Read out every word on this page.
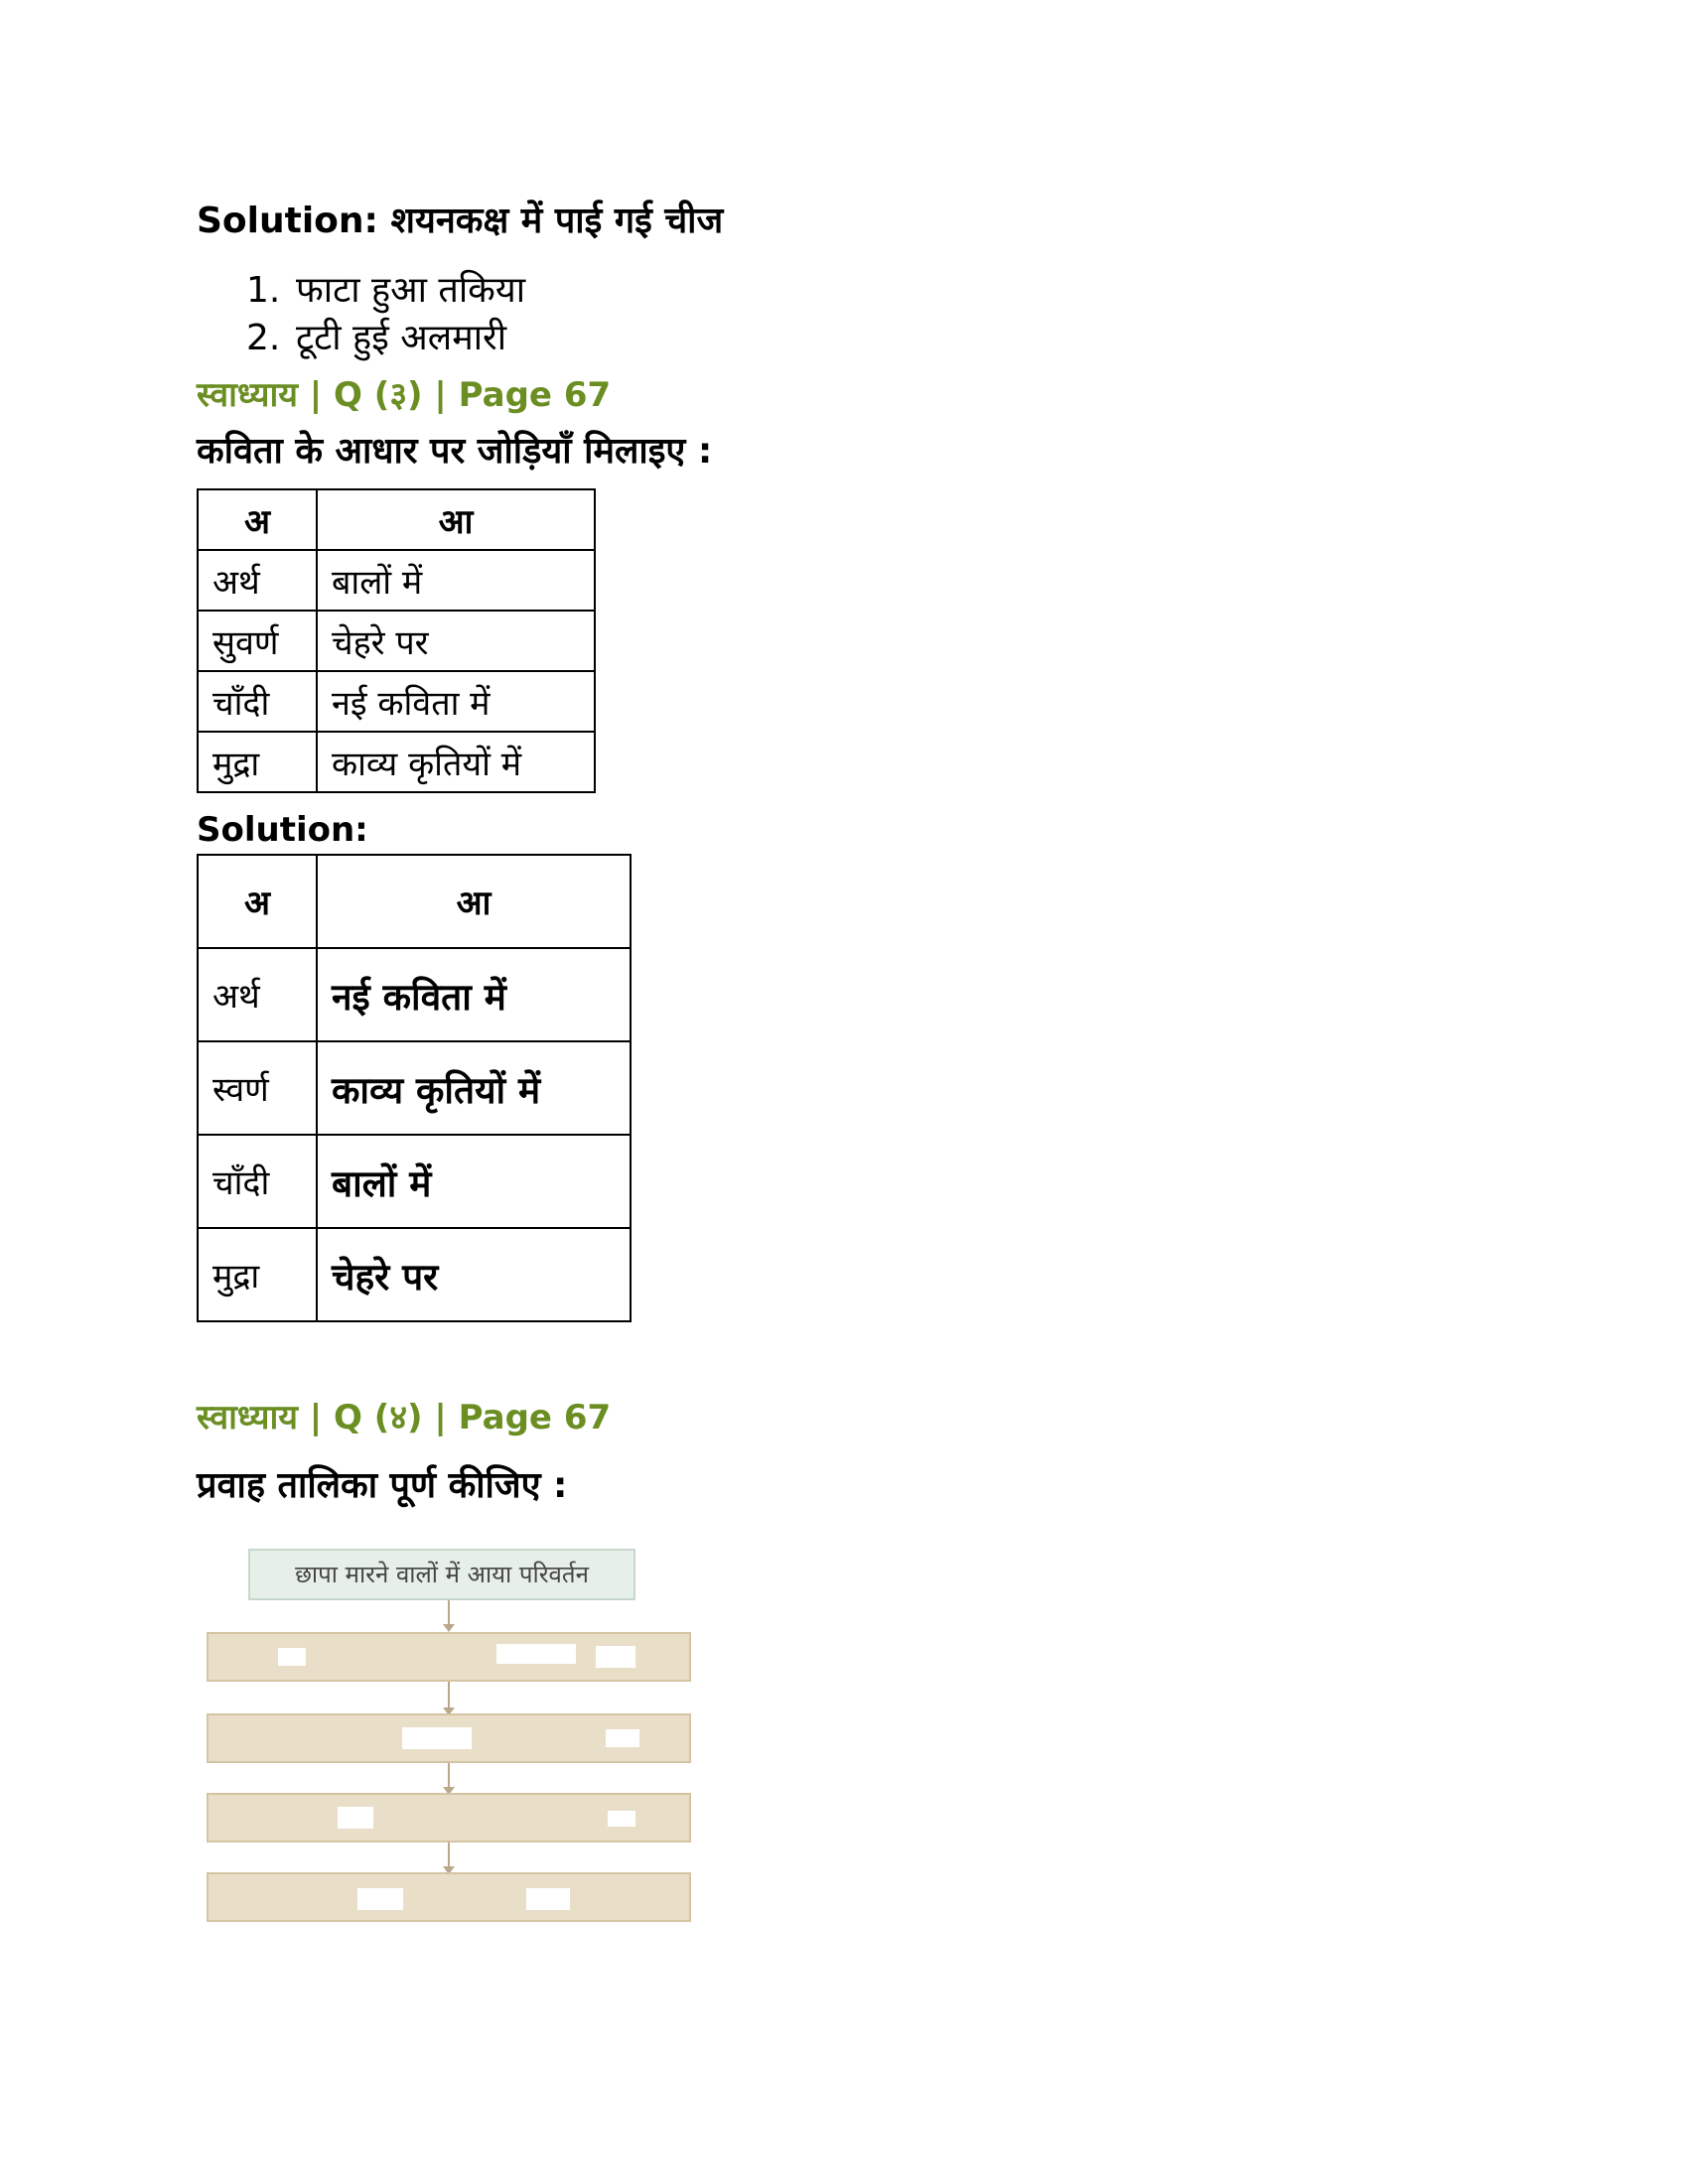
Solution: शयनकक्ष में पाई गई चीज
1. फाटा हुआ तकिया
2. टूटी हुई अलमारी
स्वाध्याय | Q (३) | Page 67
कविता के आधार पर जोड़ियाँ मिलाइए :
अ	आ
अर्थ	बालों में
सुवर्ण	चेहरे पर
चाँदी	नई कविता में
मुद्रा	काव्य कृतियों में
Solution:
अ	आ
अर्थ	नई कविता में
स्वर्ण	काव्य कृतियों में
चाँदी	बालों में
मुद्रा	चेहरे पर
स्वाध्याय | Q (४) | Page 67
प्रवाह तालिका पूर्ण कीजिए :
छापा मारने वालों में आया परिवर्तन
